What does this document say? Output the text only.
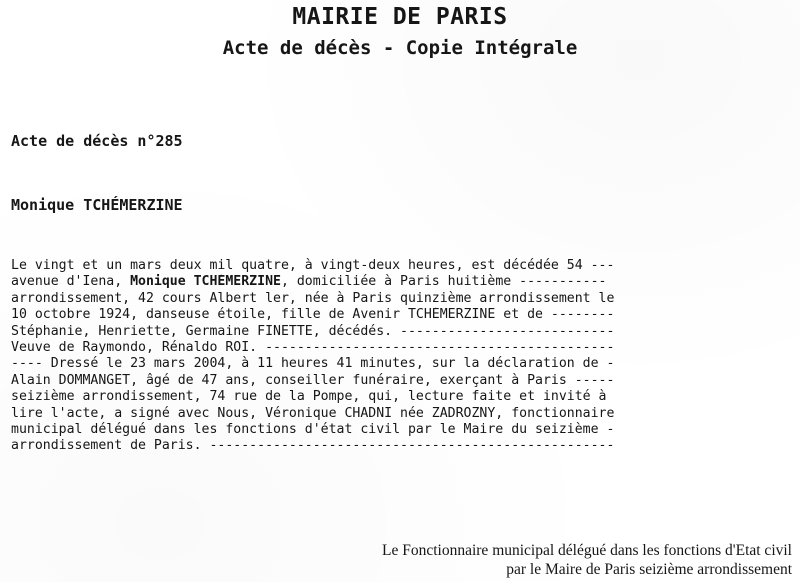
MAIRIE DE PARIS
Acte de décès - Copie Intégrale
Acte de décès n°285
Monique TCHÉMERZINE
Le vingt et un mars deux mil quatre, à vingt-deux heures, est décédée 54 ---
avenue d'Iena, Monique TCHÉMERZINE, domiciliée à Paris huitième -----------
arrondissement, 42 cours Albert ler, née à Paris quinzième arrondissement le
10 octobre 1924, danseuse étoile, fille de Avenir TCHÉMERZINE et de --------
Stéphanie, Henriette, Germaine FINETTE, décédés. ---------------------------
Veuve de Raymondo, Rénaldo ROI. --------------------------------------------
---- Dressé le 23 mars 2004, à 11 heures 41 minutes, sur la déclaration de -
Alain DOMMANGET, âgé de 47 ans, conseiller funéraire, exerçant à Paris -----
seizième arrondissement, 74 rue de la Pompe, qui, lecture faite et invité à
lire l'acte, a signé avec Nous, Véronique CHADNI née ZADROZNY, fonctionnaire
municipal délégué dans les fonctions d'état civil par le Maire du seizième -
arrondissement de Paris. ---------------------------------------------------
Le Fonctionnaire municipal délégué dans les fonctions d'Etat civil
par le Maire de Paris seizième arrondissement
